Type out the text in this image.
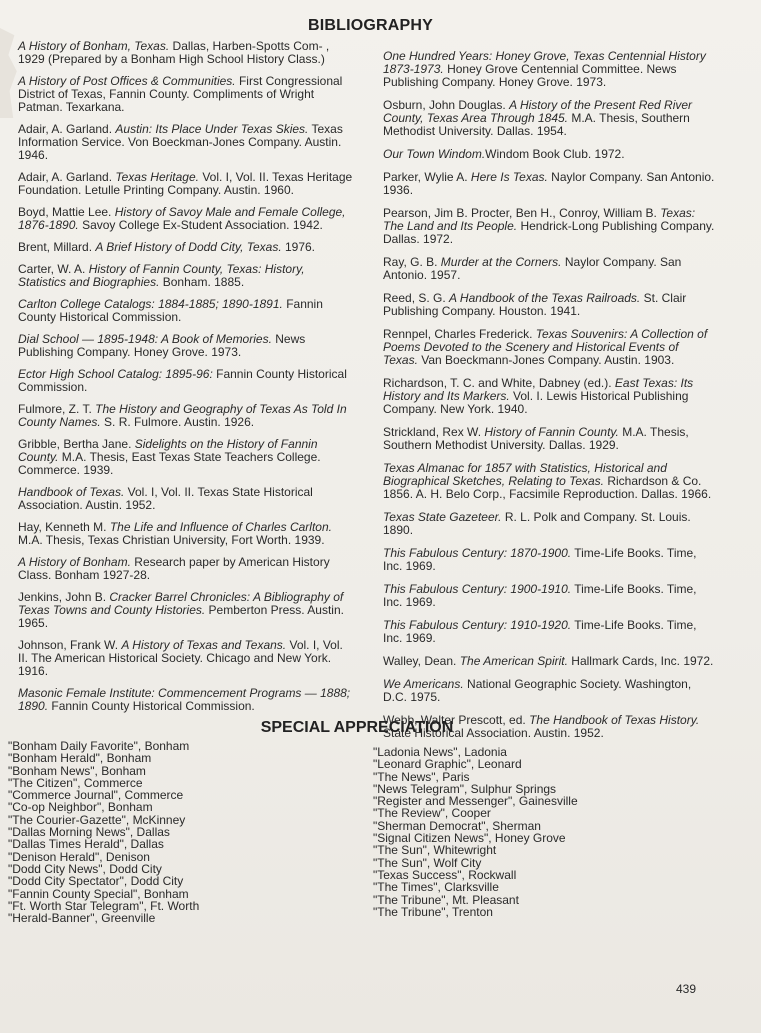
BIBLIOGRAPHY
A History of Bonham, Texas. Dallas, Harben-Spotts Com- , 1929 (Prepared by a Bonham High School History Class.)
A History of Post Offices & Communities. First Congressional District of Texas, Fannin County. Compliments of Wright Patman. Texarkana.
Adair, A. Garland. Austin: Its Place Under Texas Skies. Texas Information Service. Von Boeckman-Jones Company. Austin. 1946.
Adair, A. Garland. Texas Heritage. Vol. I, Vol. II. Texas Heritage Foundation. Letulle Printing Company. Austin. 1960.
Boyd, Mattie Lee. History of Savoy Male and Female College, 1876-1890. Savoy College Ex-Student Association. 1942.
Brent, Millard. A Brief History of Dodd City, Texas. 1976.
Carter, W. A. History of Fannin County, Texas: History, Statistics and Biographies. Bonham. 1885.
Carlton College Catalogs: 1884-1885; 1890-1891. Fannin County Historical Commission.
Dial School — 1895-1948: A Book of Memories. News Publishing Company. Honey Grove. 1973.
Ector High School Catalog: 1895-96: Fannin County Historical Commission.
Fulmore, Z. T. The History and Geography of Texas As Told In County Names. S. R. Fulmore. Austin. 1926.
Gribble, Bertha Jane. Sidelights on the History of Fannin County. M.A. Thesis, East Texas State Teachers College. Commerce. 1939.
Handbook of Texas. Vol. I, Vol. II. Texas State Historical Association. Austin. 1952.
Hay, Kenneth M. The Life and Influence of Charles Carlton. M.A. Thesis, Texas Christian University, Fort Worth. 1939.
A History of Bonham. Research paper by American History Class. Bonham 1927-28.
Jenkins, John B. Cracker Barrel Chronicles: A Bibliography of Texas Towns and County Histories. Pemberton Press. Austin. 1965.
Johnson, Frank W. A History of Texas and Texans. Vol. I, Vol. II. The American Historical Society. Chicago and New York. 1916.
Masonic Female Institute: Commencement Programs — 1888; 1890. Fannin County Historical Commission.
One Hundred Years: Honey Grove, Texas Centennial History 1873-1973. Honey Grove Centennial Committee. News Publishing Company. Honey Grove. 1973.
Osburn, John Douglas. A History of the Present Red River County, Texas Area Through 1845. M.A. Thesis, Southern Methodist University. Dallas. 1954.
Our Town Windom.Windom Book Club. 1972.
Parker, Wylie A. Here Is Texas. Naylor Company. San Antonio. 1936.
Pearson, Jim B. Procter, Ben H., Conroy, William B. Texas: The Land and Its People. Hendrick-Long Publishing Company. Dallas. 1972.
Ray, G. B. Murder at the Corners. Naylor Company. San Antonio. 1957.
Reed, S. G. A Handbook of the Texas Railroads. St. Clair Publishing Company. Houston. 1941.
Rennpel, Charles Frederick. Texas Souvenirs: A Collection of Poems Devoted to the Scenery and Historical Events of Texas. Van Boeckmann-Jones Company. Austin. 1903.
Richardson, T. C. and White, Dabney (ed.). East Texas: Its History and Its Markers. Vol. I. Lewis Historical Publishing Company. New York. 1940.
Strickland, Rex W. History of Fannin County. M.A. Thesis, Southern Methodist University. Dallas. 1929.
Texas Almanac for 1857 with Statistics, Historical and Biographical Sketches, Relating to Texas. Richardson & Co. 1856. A. H. Belo Corp., Facsimile Reproduction. Dallas. 1966.
Texas State Gazeteer. R. L. Polk and Company. St. Louis. 1890.
This Fabulous Century: 1870-1900. Time-Life Books. Time, Inc. 1969.
This Fabulous Century: 1900-1910. Time-Life Books. Time, Inc. 1969.
This Fabulous Century: 1910-1920. Time-Life Books. Time, Inc. 1969.
Walley, Dean. The American Spirit. Hallmark Cards, Inc. 1972.
We Americans. National Geographic Society. Washington, D.C. 1975.
Webb, Walter Prescott, ed. The Handbook of Texas History. State Historical Association. Austin. 1952.
SPECIAL APPRECIATION
"Bonham Daily Favorite", Bonham
"Bonham Herald", Bonham
"Bonham News", Bonham
"The Citizen", Commerce
"Commerce Journal", Commerce
"Co-op Neighbor", Bonham
"The Courier-Gazette", McKinney
"Dallas Morning News", Dallas
"Dallas Times Herald", Dallas
"Denison Herald", Denison
"Dodd City News", Dodd City
"Dodd City Spectator", Dodd City
"Fannin County Special", Bonham
"Ft. Worth Star Telegram", Ft. Worth
"Herald-Banner", Greenville
"Ladonia News", Ladonia
"Leonard Graphic", Leonard
"The News", Paris
"News Telegram", Sulphur Springs
"Register and Messenger", Gainesville
"The Review", Cooper
"Sherman Democrat", Sherman
"Signal Citizen News", Honey Grove
"The Sun", Whitewright
"The Sun", Wolf City
"Texas Success", Rockwall
"The Times", Clarksville
"The Tribune", Mt. Pleasant
"The Tribune", Trenton
439
